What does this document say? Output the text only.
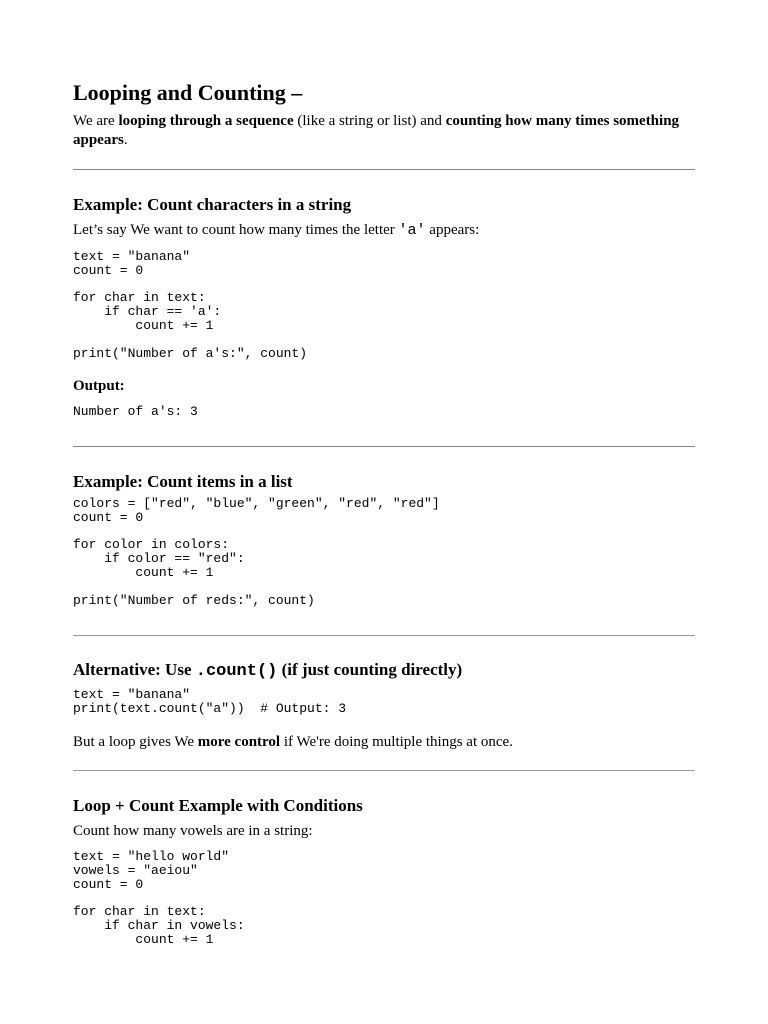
Looping and Counting –

We are looping through a sequence (like a string or list) and counting how many times something appears.

Example: Count characters in a string

Let’s say We want to count how many times the letter 'a' appears:

text = "banana"
count = 0

for char in text:
if char == 'a':
count += 1

print("Number of a's:", count)
Output:
Number of a's: 3
Example: Count items in a list
colors = ["red", "blue", "green", "red", "red"]
count = 0

for color in colors:
if color == "red":
count += 1

print("Number of reds:", count)
Alternative: Use .count() (if just counting directly)
text = "banana"
print(text.count("a"))  # Output: 3

But a loop gives We more control if We're doing multiple things at once.

Loop + Count Example with Conditions

Count how many vowels are in a string:

text = "hello world"
vowels = "aeiou"
count = 0

for char in text:
if char in vowels:
count += 1
